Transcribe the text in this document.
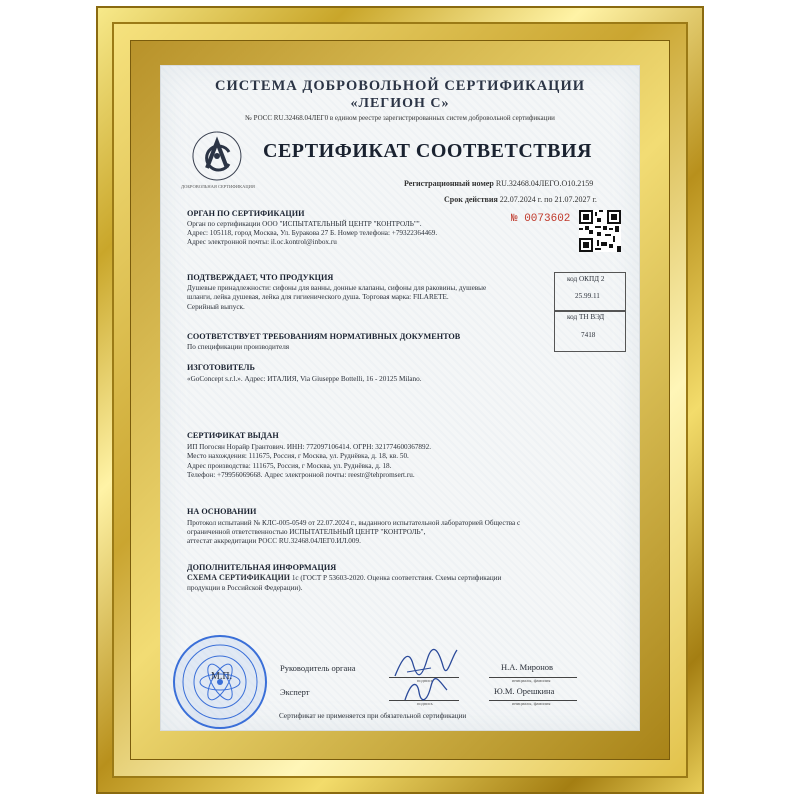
СИСТЕМА ДОБРОВОЛЬНОЙ СЕРТИФИКАЦИИ
«ЛЕГИОН С»
№ РОСС RU.32468.04ЛЕГ0 в едином реестре зарегистрированных систем добровольной сертификации
ДОБРОВОЛЬНАЯ СЕРТИФИКАЦИЯ
СЕРТИФИКАТ СООТВЕТСТВИЯ
Регистрационный номер RU.32468.04ЛЕГО.О10.2159
Срок действия 22.07.2024 г. по 21.07.2027 г.
№ 0073602
ОРГАН ПО СЕРТИФИКАЦИИ
Орган по сертификации ООО "ИСПЫТАТЕЛЬНЫЙ ЦЕНТР "КОНТРОЛЬ"".
Адрес: 105118, город Москва, Ул. Буракова 27 Б. Номер телефона: +79322364469.
Адрес электронной почты: il.oc.kontrol@inbox.ru
ПОДТВЕРЖДАЕТ, ЧТО ПРОДУКЦИЯ
Душевые принадлежности: сифоны для ванны, донные клапаны, сифоны для раковины, душевые
шланги, лейка душевая, лейка для гигиенического душа. Торговая марка: FILARETE.
Серийный выпуск.
код ОКПД 2
25.99.11
код ТН ВЭД
7418
СООТВЕТСТВУЕТ ТРЕБОВАНИЯМ НОРМАТИВНЫХ ДОКУМЕНТОВ
По спецификации производителя
ИЗГОТОВИТЕЛЬ
«GoConcept s.r.l.». Адрес: ИТАЛИЯ, Via Giuseppe Bottelli, 16 - 20125 Milano.
СЕРТИФИКАТ ВЫДАН
ИП Погосян Норайр Грантович. ИНН: 772097106414. ОГРН: 321774600367892.
Место нахождения: 111675, Россия, г Москва, ул. Руднёвка, д. 18, кв. 50.
Адрес производства: 111675, Россия, г Москва, ул. Руднёвка, д. 18.
Телефон: +79956069668. Адрес электронной почты: reestr@tehpromsert.ru.
НА ОСНОВАНИИ
Протокол испытаний № КЛС-005-0549 от 22.07.2024 г., выданного испытательной лабораторией Общества с
ограниченной ответственностью ИСПЫТАТЕЛЬНЫЙ ЦЕНТР "КОНТРОЛЬ",
аттестат аккредитации РОСС RU.32468.04ЛЕГ0.ИЛ.009.
ДОПОЛНИТЕЛЬНАЯ ИНФОРМАЦИЯ
СХЕМА СЕРТИФИКАЦИИ 1с (ГОСТ Р 53603-2020. Оценка соответствия. Схемы сертификации
продукции в Российской Федерации).
М.П.
Руководитель органа
подпись
Н.А. Миронов
инициалы, фамилия
Эксперт
подпись
Ю.М. Орешкина
инициалы, фамилия
Сертификат не применяется при обязательной сертификации
